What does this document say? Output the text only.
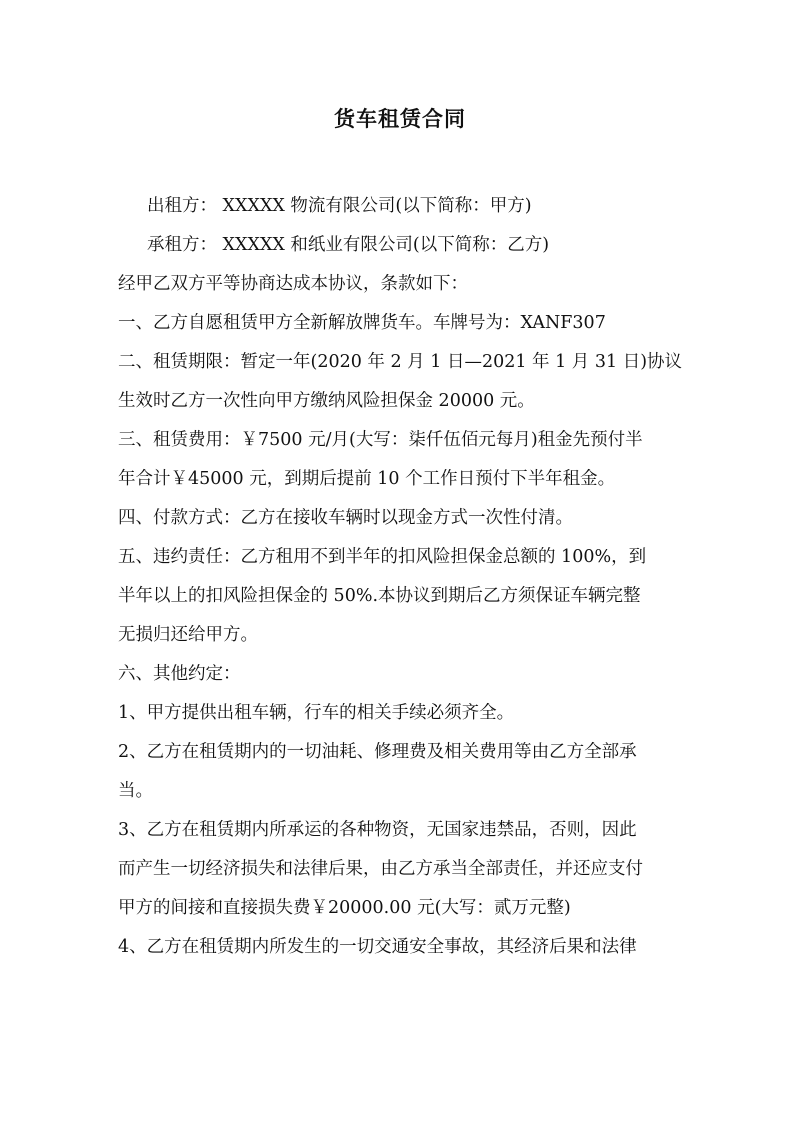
货车租赁合同

出租方： XXXXX 物流有限公司(以下简称：甲方)

承租方： XXXXX 和纸业有限公司(以下简称：乙方)

经甲乙双方平等协商达成本协议，条款如下：

一、乙方自愿租赁甲方全新解放牌货车。车牌号为：XANF307

二、租赁期限：暂定一年(2020 年 2 月 1 日—2021 年 1 月 31 日)协议

生效时乙方一次性向甲方缴纳风险担保金 20000 元。

三、租赁费用：￥7500 元/月(大写：柒仟伍佰元每月)租金先预付半

年合计￥45000 元，到期后提前 10 个工作日预付下半年租金。

四、付款方式：乙方在接收车辆时以现金方式一次性付清。

五、违约责任：乙方租用不到半年的扣风险担保金总额的 100%，到

半年以上的扣风险担保金的 50%.本协议到期后乙方须保证车辆完整

无损归还给甲方。

六、其他约定：

1、甲方提供出租车辆，行车的相关手续必须齐全。

2、乙方在租赁期内的一切油耗、修理费及相关费用等由乙方全部承

当。

3、乙方在租赁期内所承运的各种物资，无国家违禁品，否则，因此

而产生一切经济损失和法律后果，由乙方承当全部责任，并还应支付

甲方的间接和直接损失费￥20000.00 元(大写：贰万元整)

4、乙方在租赁期内所发生的一切交通安全事故，其经济后果和法律
